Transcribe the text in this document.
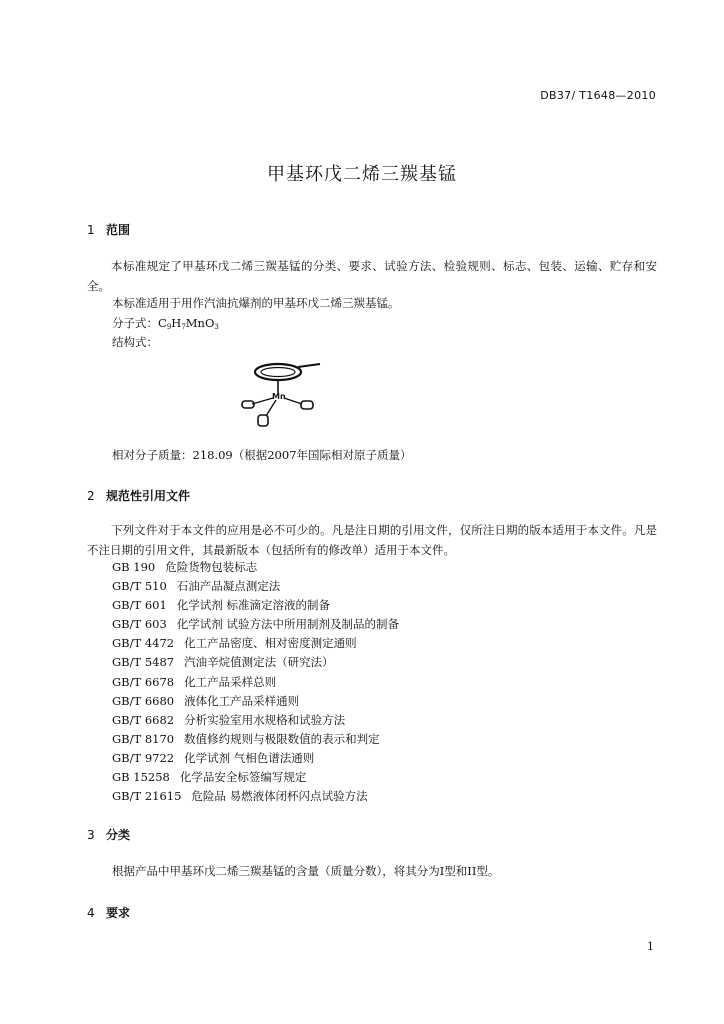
DB37/ T1648—2010
甲基环戊二烯三羰基锰
1 范围
本标准规定了甲基环戊二烯三羰基锰的分类、要求、试验方法、检验规则、标志、包装、运输、贮存和安全。
本标准适用于用作汽油抗爆剂的甲基环戊二烯三羰基锰。
分子式：$C_9H_7MnO_3$
结构式：
Mn
相对分子质量：218.09（根据2007年国际相对原子质量）
2 规范性引用文件
下列文件对于本文件的应用是必不可少的。凡是注日期的引用文件，仅所注日期的版本适用于本文件。凡是不注日期的引用文件，其最新版本（包括所有的修改单）适用于本文件。
GB 190 危险货物包装标志
GB/T 510 石油产品凝点测定法
GB/T 601 化学试剂 标准滴定溶液的制备
GB/T 603 化学试剂 试验方法中所用制剂及制品的制备
GB/T 4472 化工产品密度、相对密度测定通则
GB/T 5487 汽油辛烷值测定法（研究法）
GB/T 6678 化工产品采样总则
GB/T 6680 液体化工产品采样通则
GB/T 6682 分析实验室用水规格和试验方法
GB/T 8170 数值修约规则与极限数值的表示和判定
GB/T 9722 化学试剂 气相色谱法通则
GB 15258 化学品安全标签编写规定
GB/T 21615 危险品 易燃液体闭杯闪点试验方法
3 分类
根据产品中甲基环戊二烯三羰基锰的含量（质量分数），将其分为I型和II型。
4 要求
1
